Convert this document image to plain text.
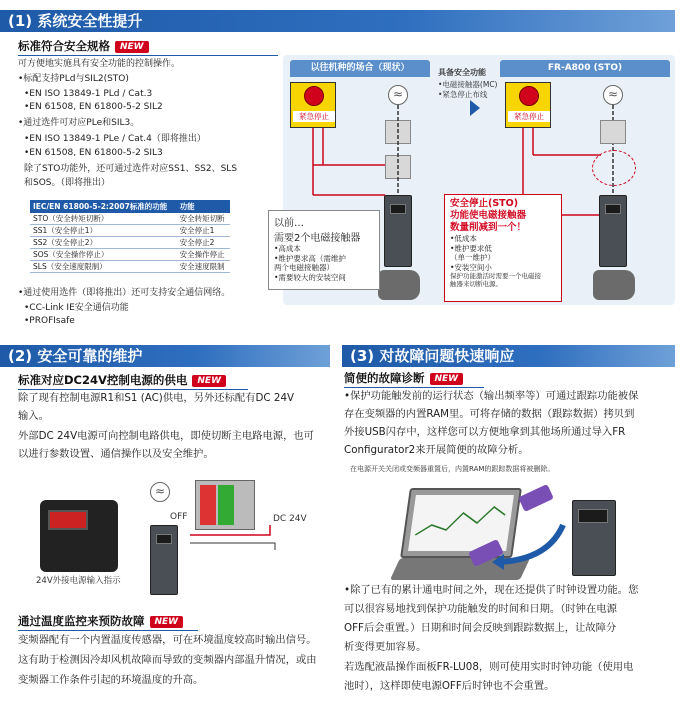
(1) 系统安全性提升
标准符合安全规格 NEW
可方便地实施具有安全功能的控制操作。
•标配支持PLd与SIL2(STO)
•EN ISO 13849-1 PLd / Cat.3
•EN 61508, EN 61800-5-2 SIL2
•通过选件可对应PLe和SIL3。
•EN ISO 13849-1 PLe / Cat.4（即将推出）
•EN 61508, EN 61800-5-2 SIL3
除了STO功能外，还可通过选件对应SS1、SS2、SLS
和SOS。（即将推出）
IEC/EN 61800-5-2:2007标准的功能	功能
STO（安全转矩切断）	安全转矩切断
SS1（安全停止1）	安全停止1
SS2（安全停止2）	安全停止2
SOS（安全操作停止）	安全操作停止
SLS（安全速度限制）	安全速度限制
•通过使用选件（即将推出）还可支持安全通信网络。
•CC-Link IE安全通信功能
•PROFIsafe
以往机种的场合（现状）	FR-A800 (STO)
紧急停止
≈
具备安全功能
•电磁接触器(MC)
•紧急停止布线
紧急停止
≈
以前…
需要2个电磁接触器
•高成本
•维护要求高（需维护
两个电磁接触器）
•需要较大的安装空间
安全停止(STO)
功能使电磁接触器
数量削减到一个！
•低成本
•维护要求低
（单一维护）
•安装空间小
保护功能激活时需要一个电磁接
触器来切断电源。
(2) 安全可靠的维护
标准对应DC24V控制电源的供电 NEW
除了现有控制电源R1和S1 (AC)供电，另外还标配有DC 24V
输入。
外部DC 24V电源可向控制电路供电，即使切断主电路电源，也可
以进行参数设置、通信操作以及安全维护。
≈
OFF	DC 24V
24V外接电源输入指示
通过温度监控来预防故障 NEW
变频器配有一个内置温度传感器，可在环境温度较高时输出信号。
这有助于检测因冷却风机故障而导致的变频器内部温升情况，或由
变频器工作条件引起的环境温度的升高。
(3) 对故障问题快速响应
简便的故障诊断 NEW
•保护功能触发前的运行状态（输出频率等）可通过跟踪功能被保
存在变频器的内置RAM里。可将存储的数据（跟踪数据）拷贝到
外接USB闪存中，这样您可以方便地拿到其他场所通过导入FR
Configurator2来开展简便的故障分析。
在电源开关关闭或变频器重置后，内置RAM的跟踪数据将被删除。
•除了已有的累计通电时间之外，现在还提供了时钟设置功能。您
可以很容易地找到保护功能触发的时间和日期。（时钟在电源
OFF后会重置。）日期和时间会反映到跟踪数据上，让故障分
析变得更加容易。
若选配液晶操作面板FR-LU08，则可使用实时时钟功能（使用电
池时），这样即使电源OFF后时钟也不会重置。
